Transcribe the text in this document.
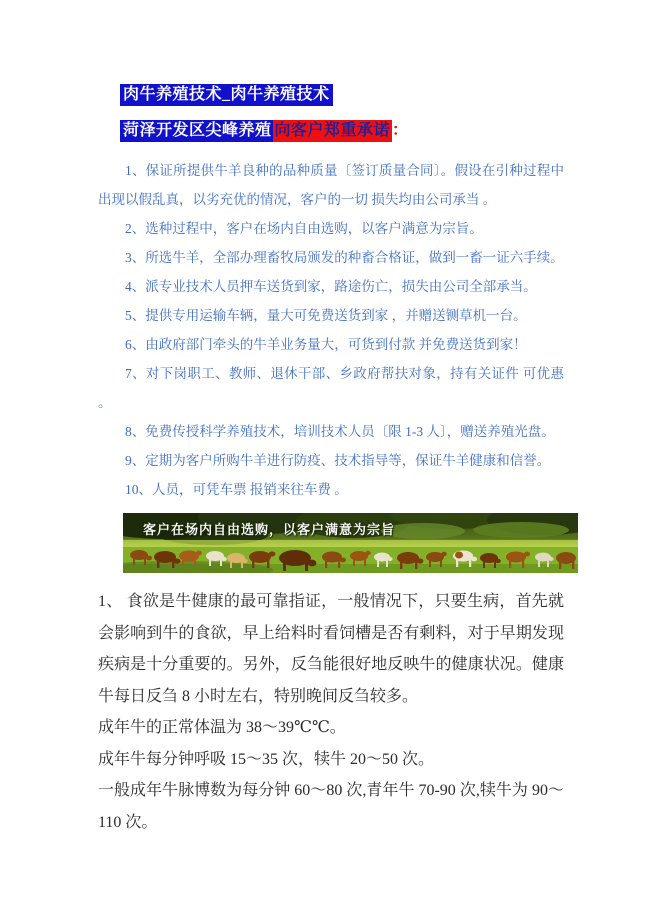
肉牛养殖技术_肉牛养殖技术
菏泽开发区尖峰养殖 向客户郑重承诺 ：

1、保证所提供牛羊良种的品种质量〔签订质量合同〕。假设在引种过程中出现以假乱真，以劣充优的情况，客户的一切 损失均由公司承当 。

2、选种过程中，客户在场内自由选购，以客户满意为宗旨。

3、所选牛羊，全部办理畜牧局颁发的种畜合格证，做到一畜一证六手续。

4、派专业技术人员押车送货到家，路途伤亡，损失由公司全部承当。

5、提供专用运输车辆，量大可免费送货到家 ，并赠送铡草机一台。

6、由政府部门牵头的牛羊业务量大，可货到付款 并免费送货到家！

7、对下岗职工、教师、退休干部、乡政府帮扶对象，持有关证件 可优惠 。

8、免费传授科学养殖技术，培训技术人员〔限 1-3 人〕，赠送养殖光盘。

9、定期为客户所购牛羊进行防疫、技术指导等，保证牛羊健康和信誉。

10、人员，可凭车票 报销来往车费 。

客户在场内自由选购，以客户满意为宗旨

1、 食欲是牛健康的最可靠指证，一般情况下，只要生病，首先就会影响到牛的食欲，早上给料时看饲槽是否有剩料，对于早期发现疾病是十分重要的。另外，反刍能很好地反映牛的健康状况。健康牛每日反刍 8 小时左右，特别晚间反刍较多。

成年牛的正常体温为 38～39℃℃。

成年牛每分钟呼吸 15～35 次，犊牛 20～50 次。

一般成年牛脉博数为每分钟 60～80 次,青年牛 70-90 次,犊牛为 90～110 次。
